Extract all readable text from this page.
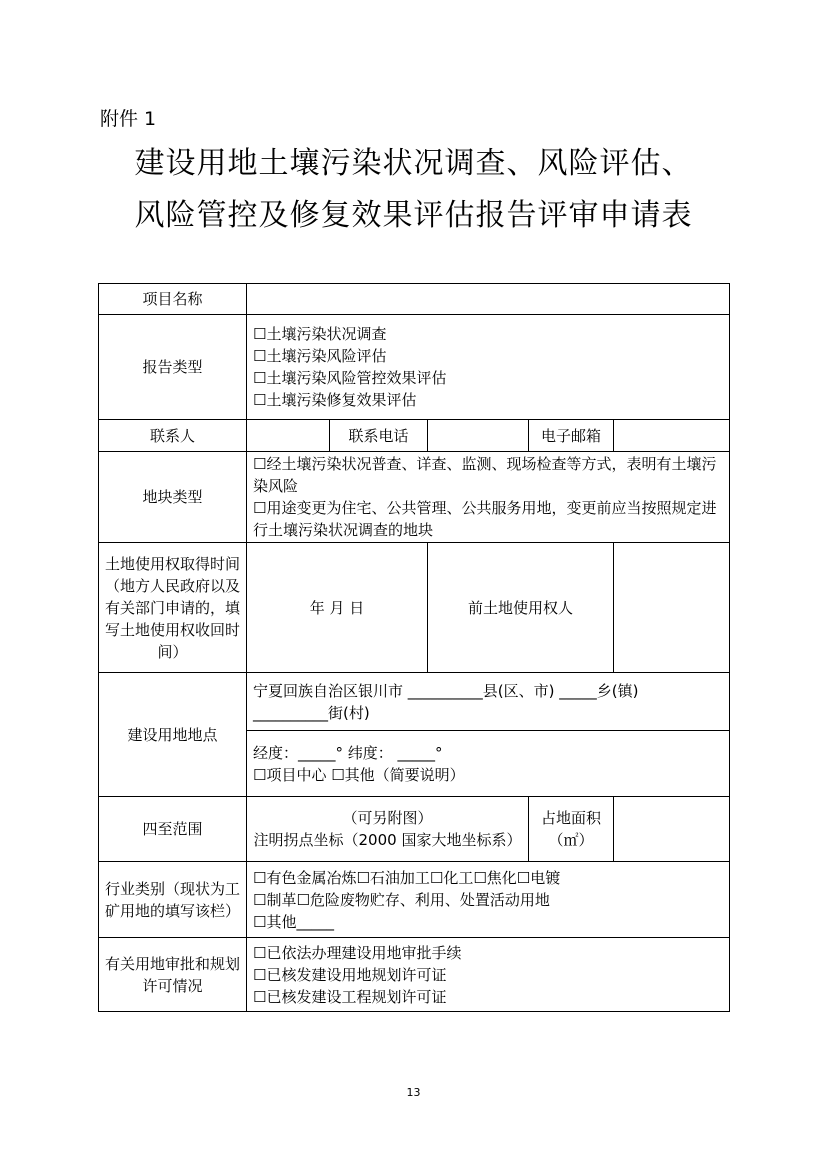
附件 1
建设用地土壤污染状况调查、风险评估、
风险管控及修复效果评估报告评审申请表
项目名称					
报告类型	☐土壤污染状况调查
☐土壤污染风险评估
☐土壤污染风险管控效果评估
☐土壤污染修复效果评估				

联系人		联系电话		电子邮箱	
地块类型	☐经土壤污染状况普查、详查、监测、现场检查等方式，表明有土壤污染风险
☐用途变更为住宅、公共管理、公共服务用地，变更前应当按照规定进行土壤污染状况调查的地块				

土地使用权取得时间（地方人民政府以及有关部门申请的，填写土地使用权收回时间）	年 月 日		前土地使用权人		
建设用地地点	宁夏回族自治区银川市 __________县(区、市) _____乡(镇)
__________街(村)				

	经度：_____° 纬度： _____°
☐项目中心 ☐其他（简要说明）				

四至范围	（可另附图）
注明拐点坐标（2000 国家大地坐标系）			占地面积（㎡）	
行业类别（现状为工矿用地的填写该栏）	☐有色金属冶炼☐石油加工☐化工☐焦化☐电镀
☐制革☐危险废物贮存、利用、处置活动用地
☐其他_____				

有关用地审批和规划许可情况	☐已依法办理建设用地审批手续
☐已核发建设用地规划许可证
☐已核发建设工程规划许可证				
13
